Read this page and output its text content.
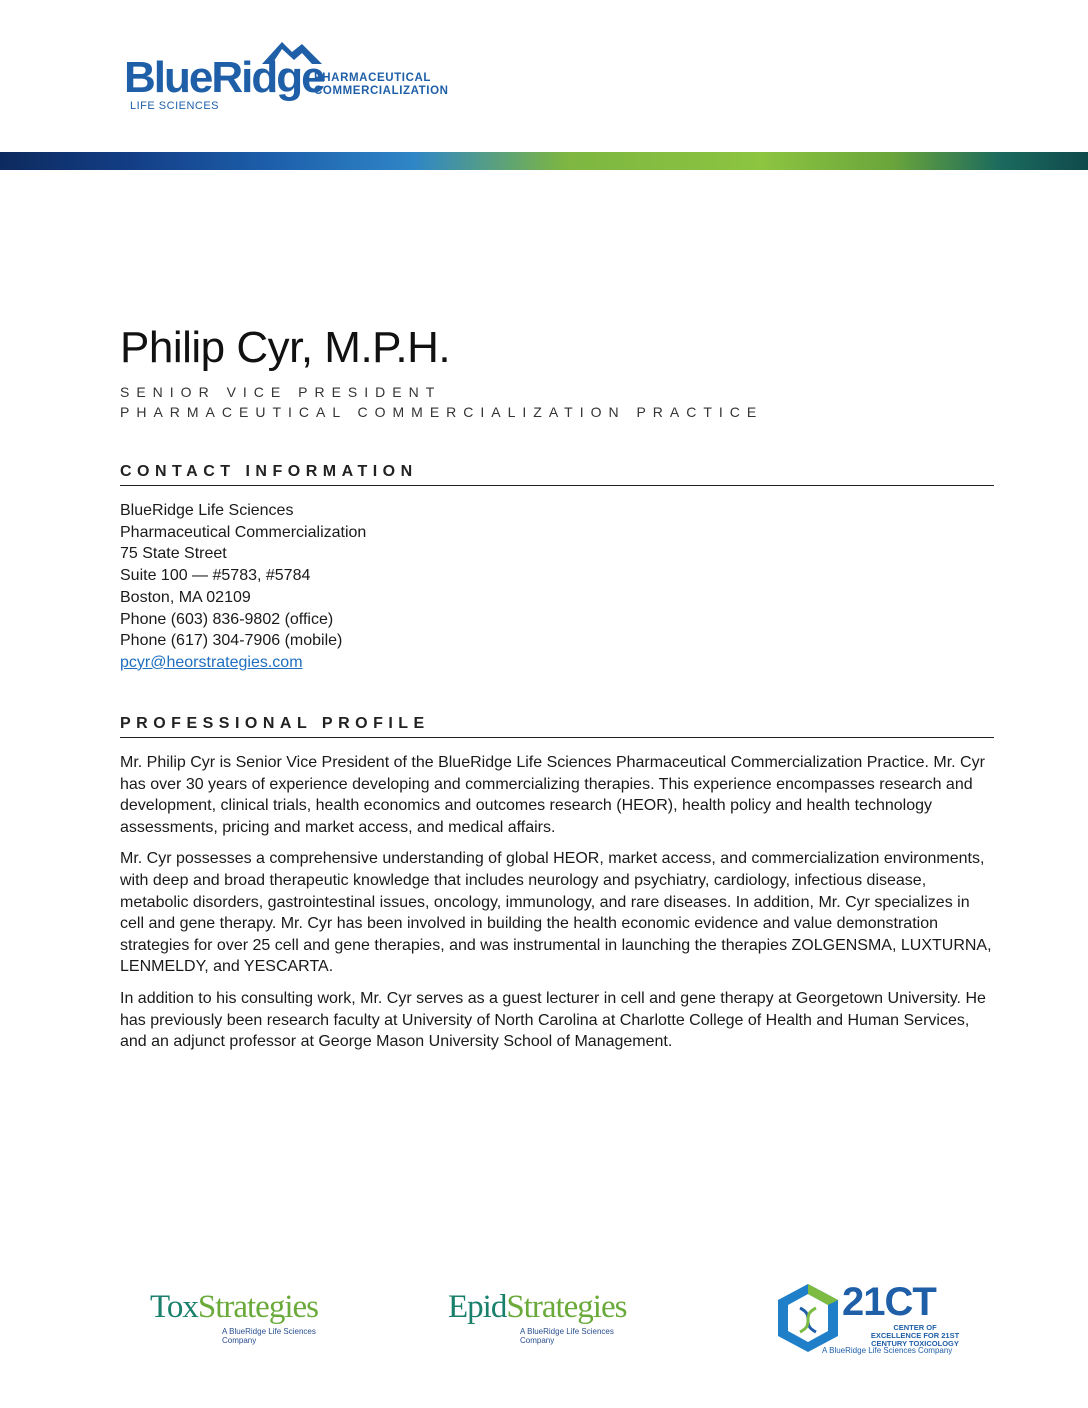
BlueRidge
LIFE SCIENCES
PHARMACEUTICAL
COMMERCIALIZATION
Philip Cyr, M.P.H.
SENIOR VICE PRESIDENT
PHARMACEUTICAL COMMERCIALIZATION PRACTICE
CONTACT INFORMATION
BlueRidge Life Sciences
Pharmaceutical Commercialization
75 State Street
Suite 100 — #5783, #5784
Boston, MA 02109
Phone (603) 836-9802 (office)
Phone (617) 304-7906 (mobile)
pcyr@heorstrategies.com
PROFESSIONAL PROFILE

Mr. Philip Cyr is Senior Vice President of the BlueRidge Life Sciences Pharmaceutical Commercialization Practice. Mr. Cyr has over 30 years of experience developing and commercializing therapies. This experience encompasses research and development, clinical trials, health economics and outcomes research (HEOR), health policy and health technology assessments, pricing and market access, and medical affairs.

Mr. Cyr possesses a comprehensive understanding of global HEOR, market access, and commercialization environments, with deep and broad therapeutic knowledge that includes neurology and psychiatry, cardiology, infectious disease, metabolic disorders, gastrointestinal issues, oncology, immunology, and rare diseases. In addition, Mr. Cyr specializes in cell and gene therapy. Mr. Cyr has been involved in building the health economic evidence and value demonstration strategies for over 25 cell and gene therapies, and was instrumental in launching the therapies ZOLGENSMA, LUXTURNA, LENMELDY, and YESCARTA.

In addition to his consulting work, Mr. Cyr serves as a guest lecturer in cell and gene therapy at Georgetown University. He has previously been research faculty at University of North Carolina at Charlotte College of Health and Human Services, and an adjunct professor at George Mason University School of Management.

ToxStrategies
A BlueRidge Life Sciences Company
EpidStrategies
A BlueRidge Life Sciences Company
21CT
CENTER OF EXCELLENCE FOR 21ST CENTURY TOXICOLOGY
A BlueRidge Life Sciences Company
